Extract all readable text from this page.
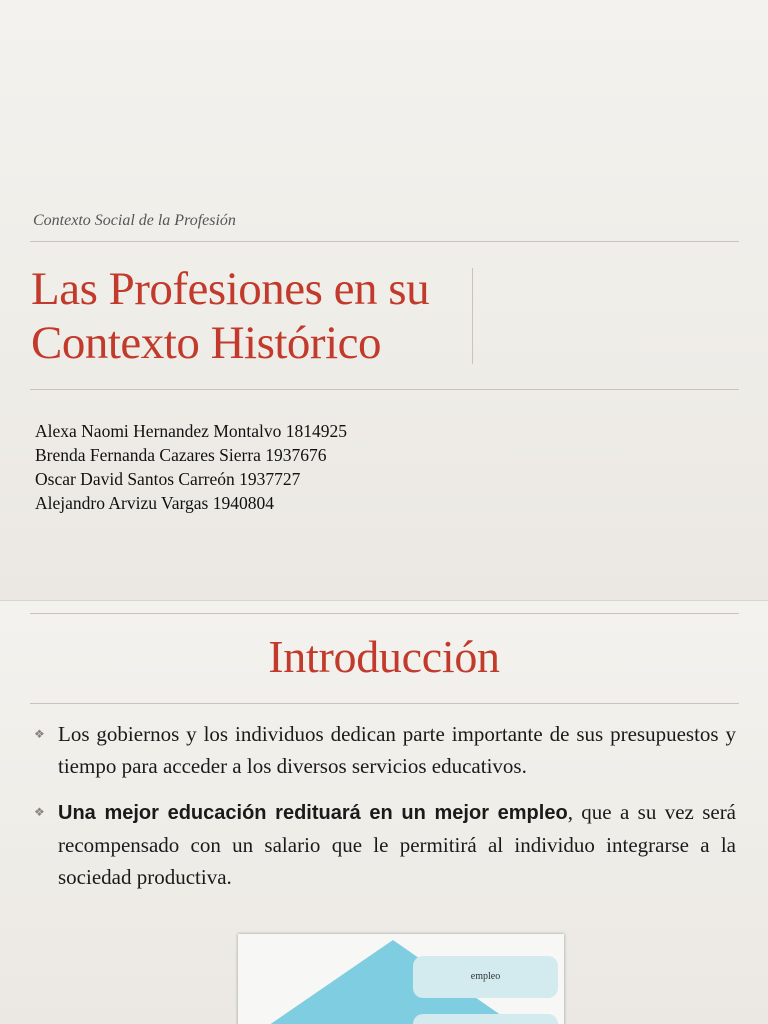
Contexto Social de la Profesión
Las Profesiones en su
Contexto Histórico
Alexa Naomi Hernandez Montalvo 1814925
Brenda Fernanda Cazares Sierra 1937676
Oscar David Santos Carreón 1937727
Alejandro Arvizu Vargas 1940804
Introducción
❖ Los gobiernos y los individuos dedican parte importante de sus presupuestos y tiempo para acceder a los diversos servicios educativos.
❖ Una mejor educación redituará en un mejor empleo, que a su vez será recompensado con un salario que le permitirá al individuo integrarse a la sociedad productiva.
empleo
